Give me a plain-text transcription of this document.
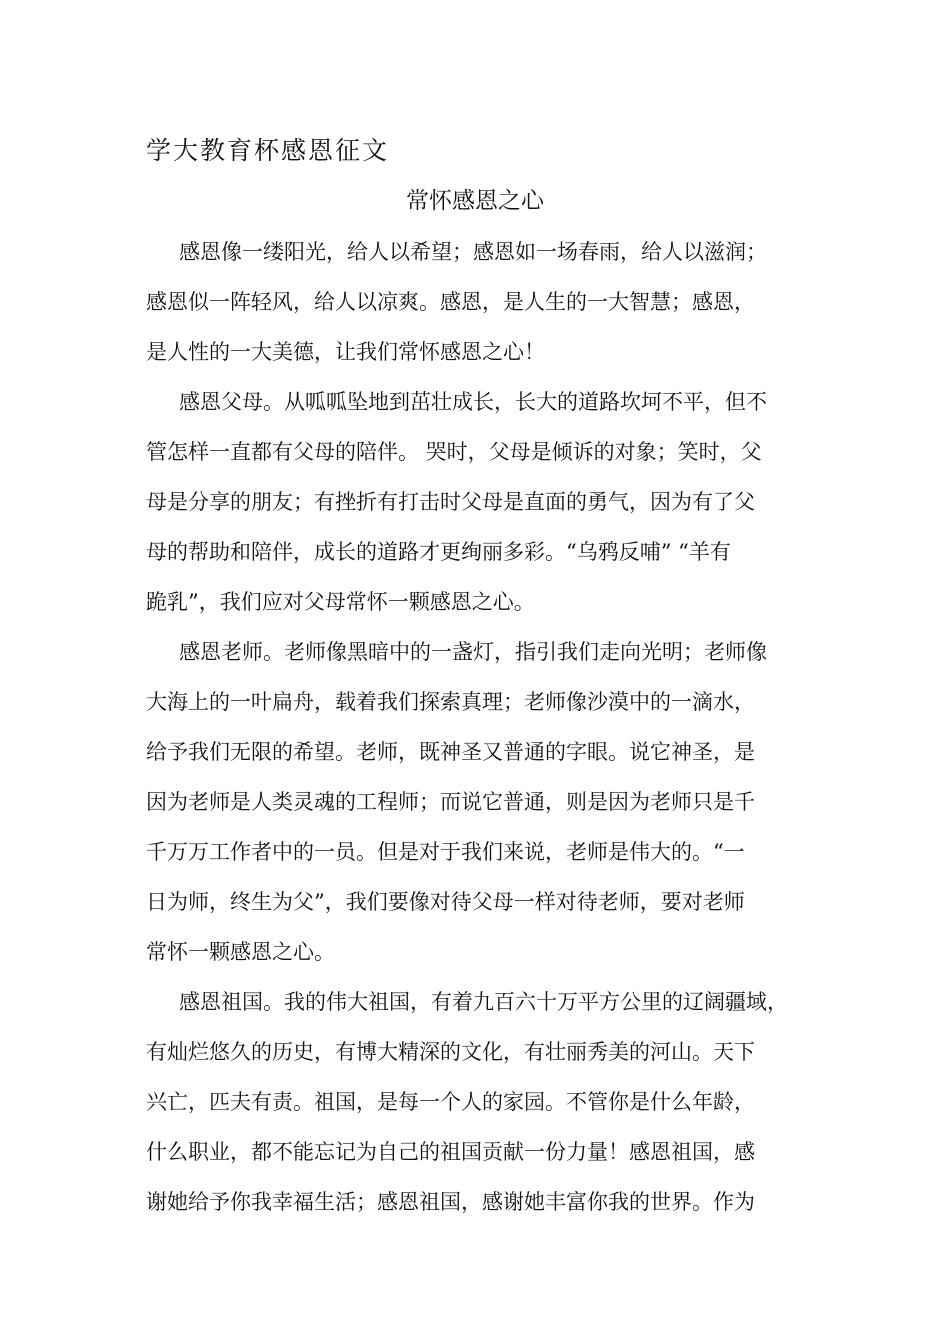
学大教育杯感恩征文
常怀感恩之心
感恩像一缕阳光，给人以希望；感恩如一场春雨，给人以滋润；
感恩似一阵轻风，给人以凉爽。感恩，是人生的一大智慧；感恩，
是人性的一大美德，让我们常怀感恩之心！
感恩父母。从呱呱坠地到茁壮成长，长大的道路坎坷不平，但不
管怎样一直都有父母的陪伴。 哭时，父母是倾诉的对象；笑时，父
母是分享的朋友；有挫折有打击时父母是直面的勇气，因为有了父
母的帮助和陪伴，成长的道路才更绚丽多彩。“乌鸦反哺” “羊有
跪乳”，我们应对父母常怀一颗感恩之心。
感恩老师。老师像黑暗中的一盏灯，指引我们走向光明；老师像
大海上的一叶扁舟，载着我们探索真理；老师像沙漠中的一滴水，
给予我们无限的希望。老师，既神圣又普通的字眼。说它神圣，是
因为老师是人类灵魂的工程师；而说它普通，则是因为老师只是千
千万万工作者中的一员。但是对于我们来说，老师是伟大的。“一
日为师，终生为父”，我们要像对待父母一样对待老师，要对老师
常怀一颗感恩之心。
感恩祖国。我的伟大祖国，有着九百六十万平方公里的辽阔疆域，
有灿烂悠久的历史，有博大精深的文化，有壮丽秀美的河山。天下
兴亡，匹夫有责。祖国，是每一个人的家园。不管你是什么年龄，
什么职业，都不能忘记为自己的祖国贡献一份力量！感恩祖国，感
谢她给予你我幸福生活；感恩祖国，感谢她丰富你我的世界。作为
